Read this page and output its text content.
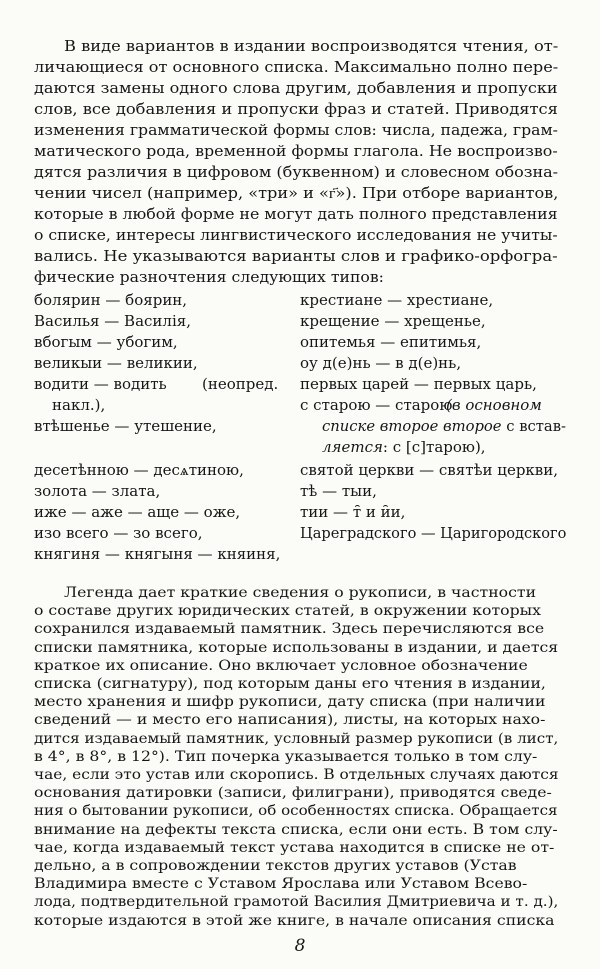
В виде вариантов в издании воспроизводятся чтения, от-
личающиеся от основного списка. Максимально полно пере-
даются замены одного слова другим, добавления и пропуски
слов, все добавления и пропуски фраз и статей. Приводятся
изменения грамматической формы слов: числа, падежа, грам-
матического рода, временной формы глагола. Не воспроизво-
дятся различия в цифровом (буквенном) и словесном обозна-
чении чисел (например, «три» и «г҃»). При отборе вариантов,
которые в любой форме не могут дать полного представления
о списке, интересы лингвистического исследования не учиты-
вались. Не указываются варианты слов и графико-орфогра-
фические разночтения следующих типов:
болярин — боярин,
Василья — Василія,
вбогым — убогим,
великыи — великии,
водити — водить (неопред.
накл.),
втѣшенье — утешение,
десетѣнною — десѧтиною,
золота — злата,
иже — аже — аще — оже,
изо всего — зо всего,
княгиня — княгыня — княиня,
крестиане — хрестиане,
крещение — хрещенье,
опитемья — епитимья,
оу д(е)нь — в д(е)нь,
первых царей — первых царь,
с старою — старою
(в основном
списке второе второе с встав-
ляется: с [с]тарою),
святой церкви — святѣи церкви,
тѣ — тыи,
тии — т̑ и и̑и,
Цареградского — Царигородского
Легенда дает краткие сведения о рукописи, в частности
о составе других юридических статей, в окружении которых
сохранился издаваемый памятник. Здесь перечисляются все
списки памятника, которые использованы в издании, и дается
краткое их описание. Оно включает условное обозначение
списка (сигнатуру), под которым даны его чтения в издании,
место хранения и шифр рукописи, дату списка (при наличии
сведений — и место его написания), листы, на которых нахо-
дится издаваемый памятник, условный размер рукописи (в лист,
в 4°, в 8°, в 12°). Тип почерка указывается только в том слу-
чае, если это устав или скоропись. В отдельных случаях даются
основания датировки (записи, филиграни), приводятся сведе-
ния о бытовании рукописи, об особенностях списка. Обращается
внимание на дефекты текста списка, если они есть. В том слу-
чае, когда издаваемый текст устава находится в списке не от-
дельно, а в сопровождении текстов других уставов (Устав
Владимира вместе с Уставом Ярослава или Уставом Всево-
лода, подтвердительной грамотой Василия Дмитриевича и т. д.),
которые издаются в этой же книге, в начале описания списка
8
